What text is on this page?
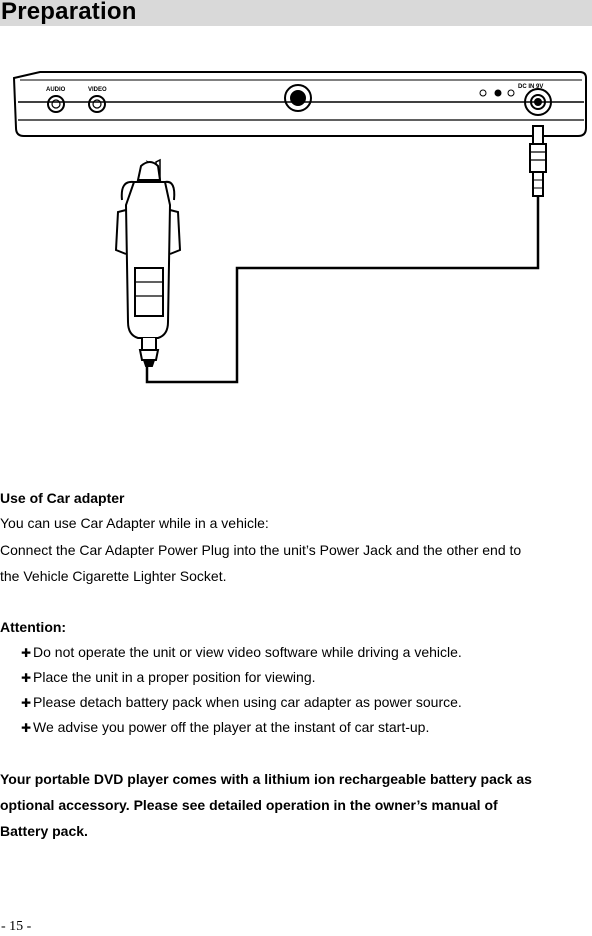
Preparation
AUDIO	VIDEO	DC IN 9V
Use of Car adapter
You can use Car Adapter while in a vehicle:
Connect the Car Adapter Power Plug into the unit’s Power Jack and the other end to
the Vehicle Cigarette Lighter Socket.
Attention:
✚ Do not operate the unit or view video software while driving a vehicle.
✚ Place the unit in a proper position for viewing.
✚ Please detach battery pack when using car adapter as power source.
✚ We advise you power off the player at the instant of car start-up.
Your portable DVD player comes with a lithium ion rechargeable battery pack as
optional accessory. Please see detailed operation in the owner’s manual of
Battery pack.
- 15 -
